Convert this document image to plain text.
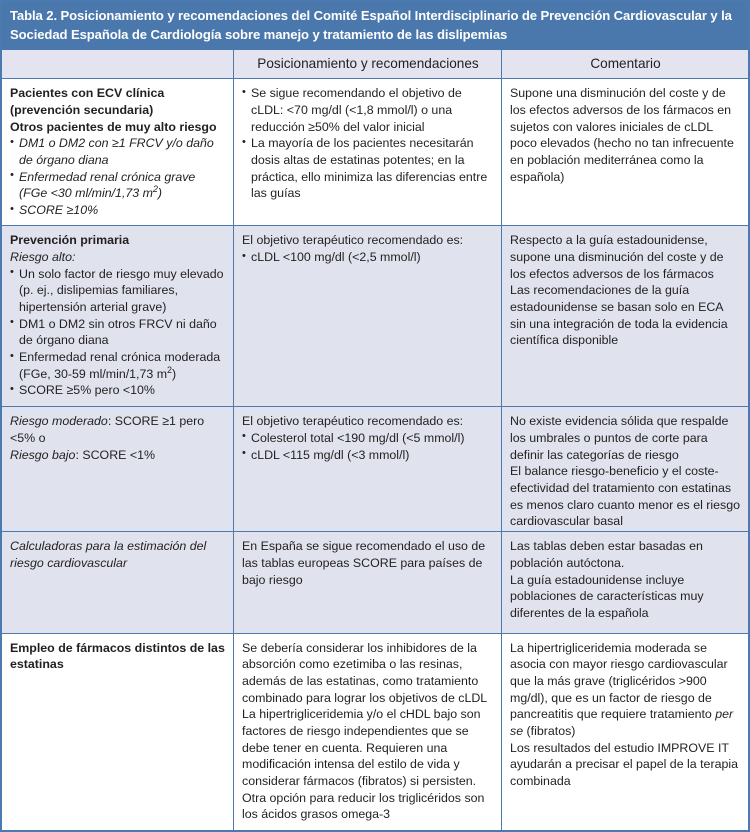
Tabla 2. Posicionamiento y recomendaciones del Comité Español Interdisciplinario de Prevención Cardiovascular y la Sociedad Española de Cardiología sobre manejo y tratamiento de las dislipemias
Posicionamiento y recomendaciones	Comentario

Pacientes con ECV clínica (prevención secundaria)

Otros pacientes de muy alto riesgo

• DM1 o DM2 con ≥1 FRCV y/o daño de órgano diana
• Enfermedad renal crónica grave (FGe <30 ml/min/1,73 $m^2$)
• SCORE ≥10%
• Se sigue recomendando el objetivo de cLDL: <70 mg/dl (<1,8 mmol/l) o una reducción ≥50% del valor inicial
• La mayoría de los pacientes necesitarán dosis altas de estatinas potentes; en la práctica, ello minimiza las diferencias entre las guías

Supone una disminución del coste y de los efectos adversos de los fármacos en sujetos con valores iniciales de cLDL poco elevados (hecho no tan infrecuente en población mediterránea como la española)

Prevención primaria

Riesgo alto:

• Un solo factor de riesgo muy elevado (p. ej., dislipemias familiares, hipertensión arterial grave)
• DM1 o DM2 sin otros FRCV ni daño de órgano diana
• Enfermedad renal crónica moderada (FGe, 30-59 ml/min/1,73 $m^2$)
• SCORE ≥5% pero <10%

El objetivo terapéutico recomendado es:

• cLDL <100 mg/dl (<2,5 mmol/l)

Respecto a la guía estadounidense, supone una disminución del coste y de los efectos adversos de los fármacos

Las recomendaciones de la guía estadounidense se basan solo en ECA sin una integración de toda la evidencia científica disponible

Riesgo moderado: SCORE ≥1 pero <5% o

Riesgo bajo: SCORE <1%

El objetivo terapéutico recomendado es:

• Colesterol total <190 mg/dl (<5 mmol/l)
• cLDL <115 mg/dl (<3 mmol/l)

No existe evidencia sólida que respalde los umbrales o puntos de corte para definir las categorías de riesgo

El balance riesgo-beneficio y el coste-efectividad del tratamiento con estatinas es menos claro cuanto menor es el riesgo cardiovascular basal

Calculadoras para la estimación del riesgo cardiovascular

En España se sigue recomendado el uso de las tablas europeas SCORE para países de bajo riesgo

Las tablas deben estar basadas en población autóctona.

La guía estadounidense incluye poblaciones de características muy diferentes de la española

Empleo de fármacos distintos de las estatinas

Se debería considerar los inhibidores de la absorción como ezetimiba o las resinas, además de las estatinas, como tratamiento combinado para lograr los objetivos de cLDL

La hipertrigliceridemia y/o el cHDL bajo son factores de riesgo independientes que se debe tener en cuenta. Requieren una modificación intensa del estilo de vida y considerar fármacos (fibratos) si persisten. Otra opción para reducir los triglicéridos son los ácidos grasos omega-3

La hipertrigliceridemia moderada se asocia con mayor riesgo cardiovascular que la más grave (triglicéridos >900 mg/dl), que es un factor de riesgo de pancreatitis que requiere tratamiento per se (fibratos)

Los resultados del estudio IMPROVE IT ayudarán a precisar el papel de la terapia combinada
